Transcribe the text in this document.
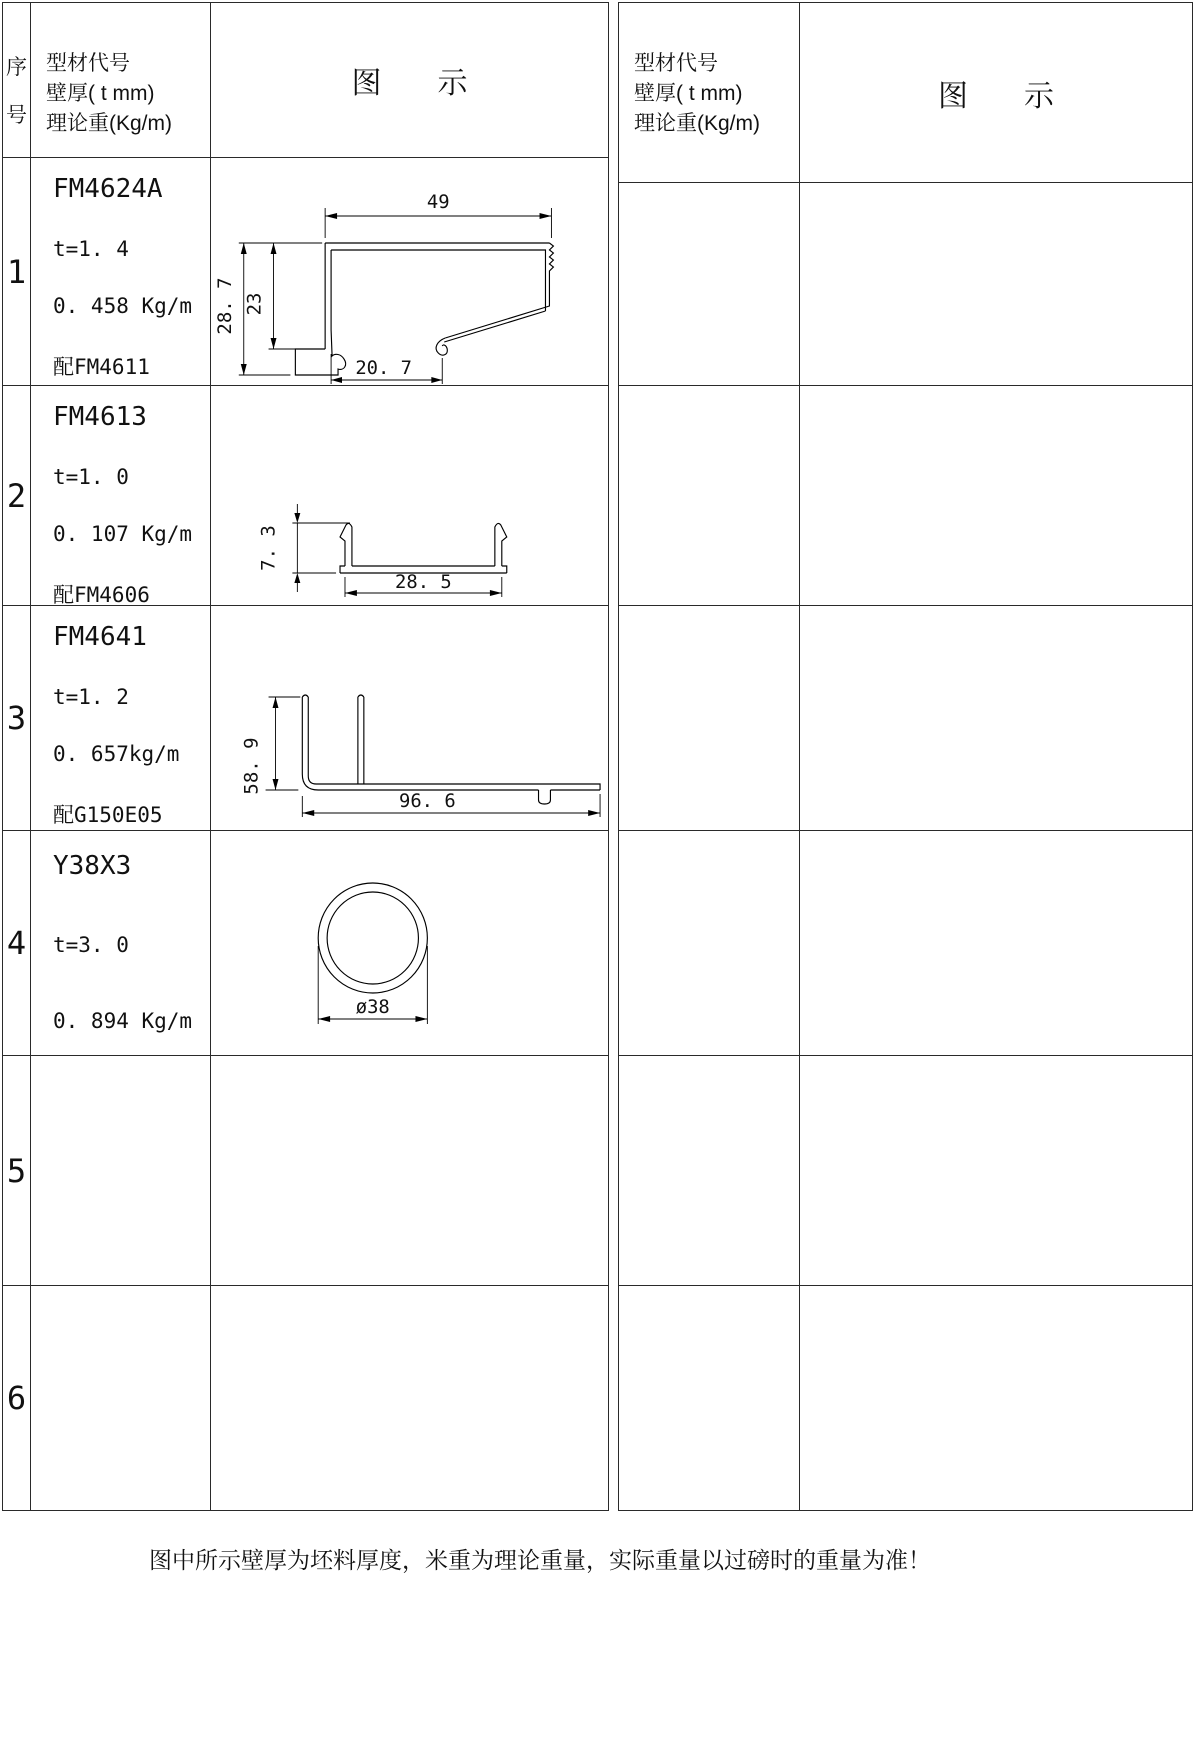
序
号
型材代号
壁厚( t mm)
理论重(Kg/m)
图 示
1
FM4624A
t=1. 4
0. 458 Kg/m
配FM4611
49
28. 7 23
20. 7
2
FM4613
t=1. 0
0. 107 Kg/m
配FM4606
7. 3
28. 5
3
FM4641
t=1. 2
0. 657kg/m
配G150E05
58. 9
96. 6
4
Y38X3
t=3. 0
0. 894 Kg/m
ø38
5
6
型材代号
壁厚( t mm)
理论重(Kg/m)
图 示
图中所示壁厚为坯料厚度，米重为理论重量，实际重量以过磅时的重量为准！
